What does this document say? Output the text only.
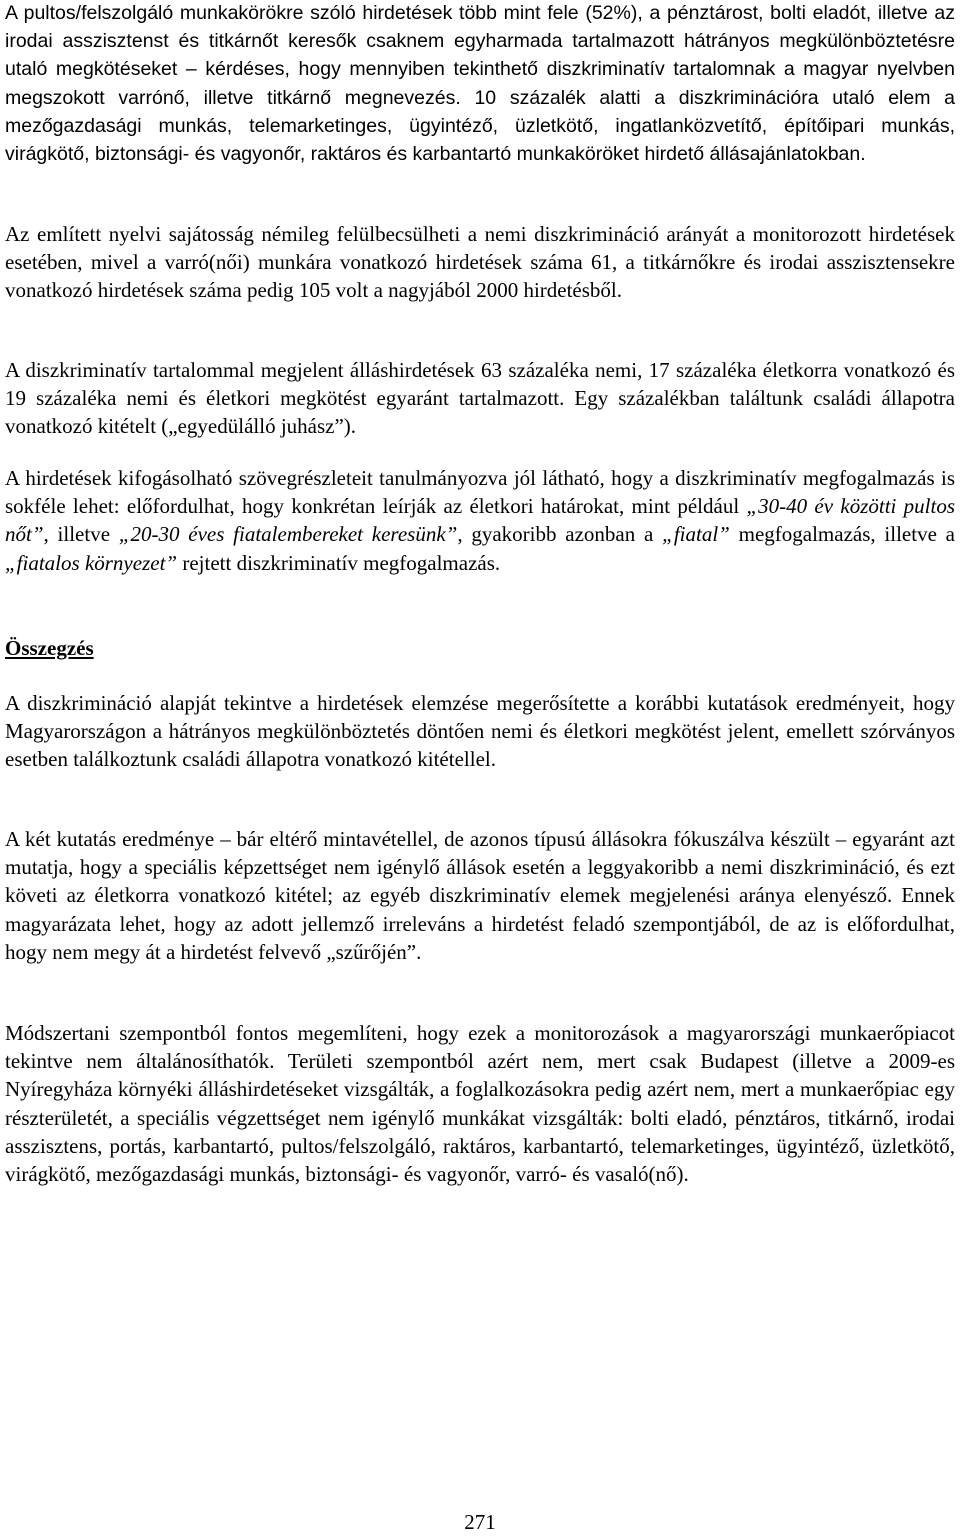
A pultos/felszolgáló munkakörökre szóló hirdetések több mint fele (52%), a pénztárost, bolti eladót, illetve az irodai asszisztenst és titkárnőt keresők csaknem egyharmada tartalmazott hátrányos megkülönböztetésre utaló megkötéseket – kérdéses, hogy mennyiben tekinthető diszkriminatív tartalomnak a magyar nyelvben megszokott varrónő, illetve titkárnő megnevezés. 10 százalék alatti a diszkriminációra utaló elem a mezőgazdasági munkás, telemarketinges, ügyintéző, üzletkötő, ingatlanközvetítő, építőipari munkás, virágkötő, biztonsági- és vagyonőr, raktáros és karbantartó munkaköröket hirdető állásajánlatokban.

Az említett nyelvi sajátosság némileg felülbecsülheti a nemi diszkrimináció arányát a monitorozott hirdetések esetében, mivel a varró(női) munkára vonatkozó hirdetések száma 61, a titkárnőkre és irodai asszisztensekre vonatkozó hirdetések száma pedig 105 volt a nagyjából 2000 hirdetésből.

A diszkriminatív tartalommal megjelent álláshirdetések 63 százaléka nemi, 17 százaléka életkorra vonatkozó és 19 százaléka nemi és életkori megkötést egyaránt tartalmazott. Egy százalékban találtunk családi állapotra vonatkozó kitételt („egyedülálló juhász”).

A hirdetések kifogásolható szövegrészleteit tanulmányozva jól látható, hogy a diszkriminatív megfogalmazás is sokféle lehet: előfordulhat, hogy konkrétan leírják az életkori határokat, mint például „30-40 év közötti pultos nőt”, illetve „20-30 éves fiatalembereket keresünk”, gyakoribb azonban a „fiatal” megfogalmazás, illetve a „fiatalos környezet” rejtett diszkriminatív megfogalmazás.

Összegzés

A diszkrimináció alapját tekintve a hirdetések elemzése megerősítette a korábbi kutatások eredményeit, hogy Magyarországon a hátrányos megkülönböztetés döntően nemi és életkori megkötést jelent, emellett szórványos esetben találkoztunk családi állapotra vonatkozó kitétellel.

A két kutatás eredménye – bár eltérő mintavétellel, de azonos típusú állásokra fókuszálva készült – egyaránt azt mutatja, hogy a speciális képzettséget nem igénylő állások esetén a leggyakoribb a nemi diszkrimináció, és ezt követi az életkorra vonatkozó kitétel; az egyéb diszkriminatív elemek megjelenési aránya elenyésző. Ennek magyarázata lehet, hogy az adott jellemző irreleváns a hirdetést feladó szempontjából, de az is előfordulhat, hogy nem megy át a hirdetést felvevő „szűrőjén”.

Módszertani szempontból fontos megemlíteni, hogy ezek a monitorozások a magyarországi munkaerőpiacot tekintve nem általánosíthatók. Területi szempontból azért nem, mert csak Budapest (illetve a 2009-es Nyíregyháza környéki álláshirdetéseket vizsgálták, a foglalkozásokra pedig azért nem, mert a munkaerőpiac egy részterületét, a speciális végzettséget nem igénylő munkákat vizsgálták: bolti eladó, pénztáros, titkárnő, irodai asszisztens, portás, karbantartó, pultos/felszolgáló, raktáros, karbantartó, telemarketinges, ügyintéző, üzletkötő, virágkötő, mezőgazdasági munkás, biztonsági- és vagyonőr, varró- és vasaló(nő).

271
